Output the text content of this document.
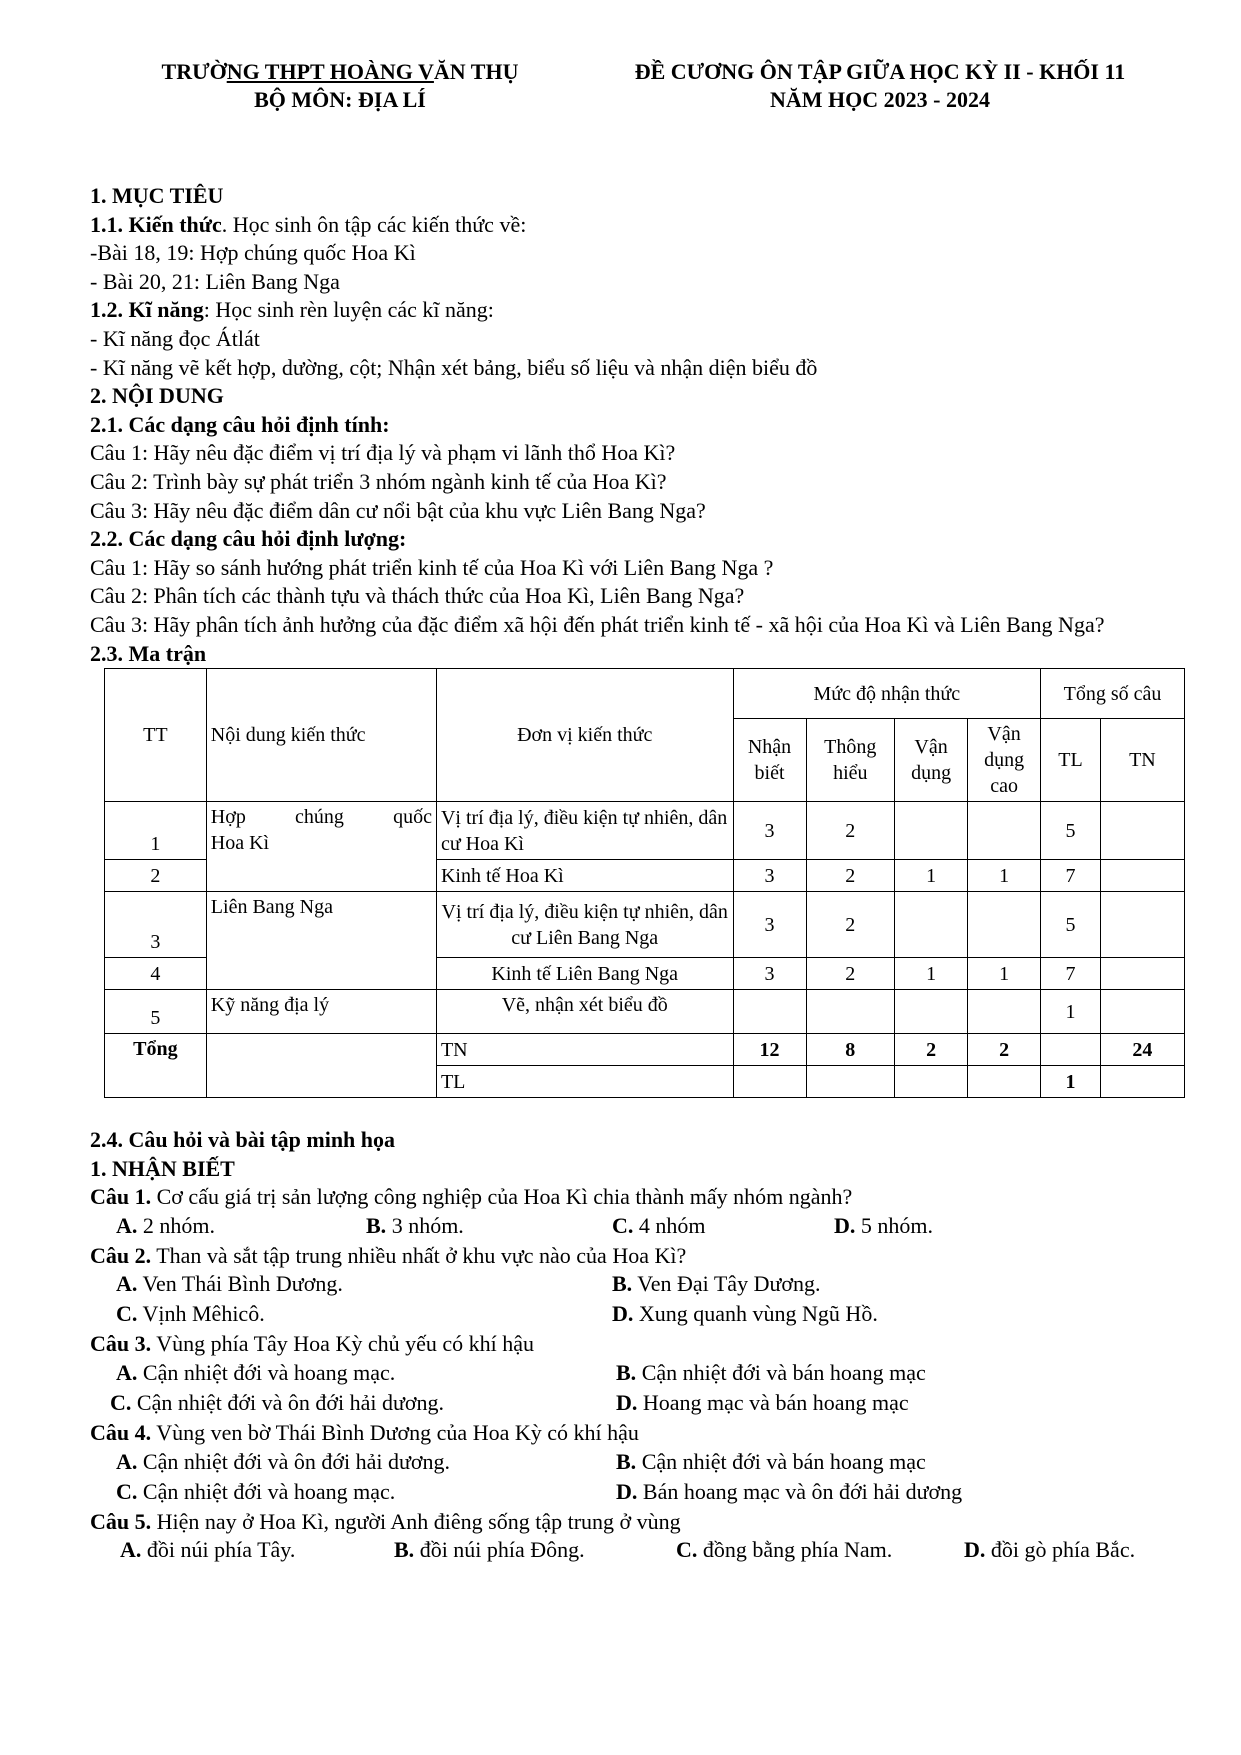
TRƯỜNG THPT HOÀNG VĂN THỤ
BỘ MÔN: ĐỊA LÍ
ĐỀ CƯƠNG ÔN TẬP GIỮA HỌC KỲ II - KHỐI 11
NĂM HỌC 2023 - 2024

1. MỤC TIÊU

1.1. Kiến thức. Học sinh ôn tập các kiến thức về:

-Bài 18, 19: Hợp chúng quốc Hoa Kì

- Bài 20, 21: Liên Bang Nga

1.2. Kĩ năng: Học sinh rèn luyện các kĩ năng:

- Kĩ năng đọc Átlát

- Kĩ năng vẽ kết hợp, dường, cột; Nhận xét bảng, biểu số liệu và nhận diện biểu đồ

2. NỘI DUNG

2.1. Các dạng câu hỏi định tính:

Câu 1: Hãy nêu đặc điểm vị trí địa lý và phạm vi lãnh thổ Hoa Kì?

Câu 2: Trình bày sự phát triển 3 nhóm ngành kinh tế của Hoa Kì?

Câu 3: Hãy nêu đặc điểm dân cư nổi bật của khu vực Liên Bang Nga?

2.2. Các dạng câu hỏi định lượng:

Câu 1: Hãy so sánh hướng phát triển kinh tế của Hoa Kì với Liên Bang Nga ?

Câu 2: Phân tích các thành tựu và thách thức của Hoa Kì, Liên Bang Nga?

Câu 3: Hãy phân tích ảnh hưởng của đặc điểm xã hội đến phát triển kinh tế - xã hội của Hoa Kì và Liên Bang Nga?

2.3. Ma trận

TT	Nội dung kiến thức	Đơn vị kiến thức	Mức độ nhận thức				Tổng số câu	
			Nhận biết	Thông hiểu	Vận dụng	Vận dụng cao	TL	TN
1	Hợp chúng quốc
Hoa Kì	Vị trí địa lý, điều kiện tự nhiên, dân cư Hoa Kì	3	2			5	
2		Kinh tế Hoa Kì	3	2	1	1	7	
3	Liên Bang Nga	Vị trí địa lý, điều kiện tự nhiên, dân cư Liên Bang Nga	3	2			5	
4		Kinh tế Liên Bang Nga	3	2	1	1	7	
5	Kỹ năng địa lý	Vẽ, nhận xét biểu đồ					1	
Tổng		TN	12	8	2	2		24
		TL					1	

2.4. Câu hỏi và bài tập minh họa

1. NHẬN BIẾT

Câu 1. Cơ cấu giá trị sản lượng công nghiệp của Hoa Kì chia thành mấy nhóm ngành?

A. 2 nhóm.	B. 3 nhóm.	C. 4 nhóm	D. 5 nhóm.

Câu 2. Than và sắt tập trung nhiều nhất ở khu vực nào của Hoa Kì?

A. Ven Thái Bình Dương.	B. Ven Đại Tây Dương.
C. Vịnh Mêhicô.	D. Xung quanh vùng Ngũ Hồ.

Câu 3. Vùng phía Tây Hoa Kỳ chủ yếu có khí hậu

A. Cận nhiệt đới và hoang mạc.	B. Cận nhiệt đới và bán hoang mạc
C. Cận nhiệt đới và ôn đới hải dương.	D. Hoang mạc và bán hoang mạc

Câu 4. Vùng ven bờ Thái Bình Dương của Hoa Kỳ có khí hậu

A. Cận nhiệt đới và ôn đới hải dương.	B. Cận nhiệt đới và bán hoang mạc
C. Cận nhiệt đới và hoang mạc.	D. Bán hoang mạc và ôn đới hải dương

Câu 5. Hiện nay ở Hoa Kì, người Anh điêng sống tập trung ở vùng

A. đồi núi phía Tây.	B. đồi núi phía Đông.	C. đồng bằng phía Nam.	D. đồi gò phía Bắc.
